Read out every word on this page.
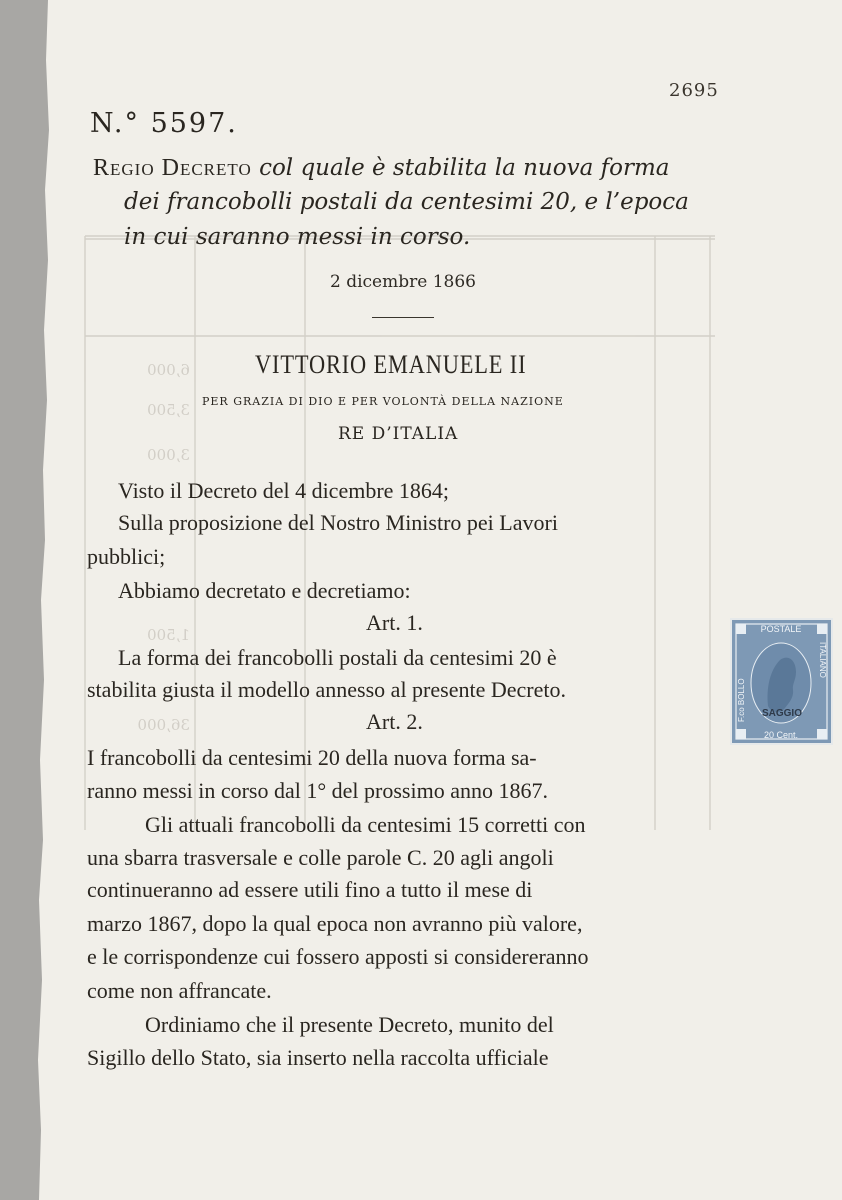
6,000
3,500
3,000
1,500
36,000
2695
N.° 5597.
Regio Decreto col quale è stabilita la nuova forma
dei francobolli postali da centesimi 20, e l’epoca
in cui saranno messi in corso.
2 dicembre 1866
VITTORIO EMANUELE II
PER GRAZIA DI DIO E PER VOLONTÀ DELLA NAZIONE
RE D’ITALIA
Visto il Decreto del 4 dicembre 1864;
Sulla proposizione del Nostro Ministro pei Lavori
pubblici;
Abbiamo decretato e decretiamo:
Art. 1.
La forma dei francobolli postali da centesimi 20 è
stabilita giusta il modello annesso al presente Decreto.
Art. 2.
I francobolli da centesimi 20 della nuova forma sa-
ranno messi in corso dal 1° del prossimo anno 1867.
Gli attuali francobolli da centesimi 15 corretti con
una sbarra trasversale e colle parole C. 20 agli angoli
continueranno ad essere utili fino a tutto il mese di
marzo 1867, dopo la qual epoca non avranno più valore,
e le corrispondenze cui fossero apposti si considereranno
come non affrancate.
Ordiniamo che il presente Decreto, munito del
Sigillo dello Stato, sia inserto nella raccolta ufficiale
POSTALE
20 Cent.
ITALIANO
F.co BOLLO SAGGIO
